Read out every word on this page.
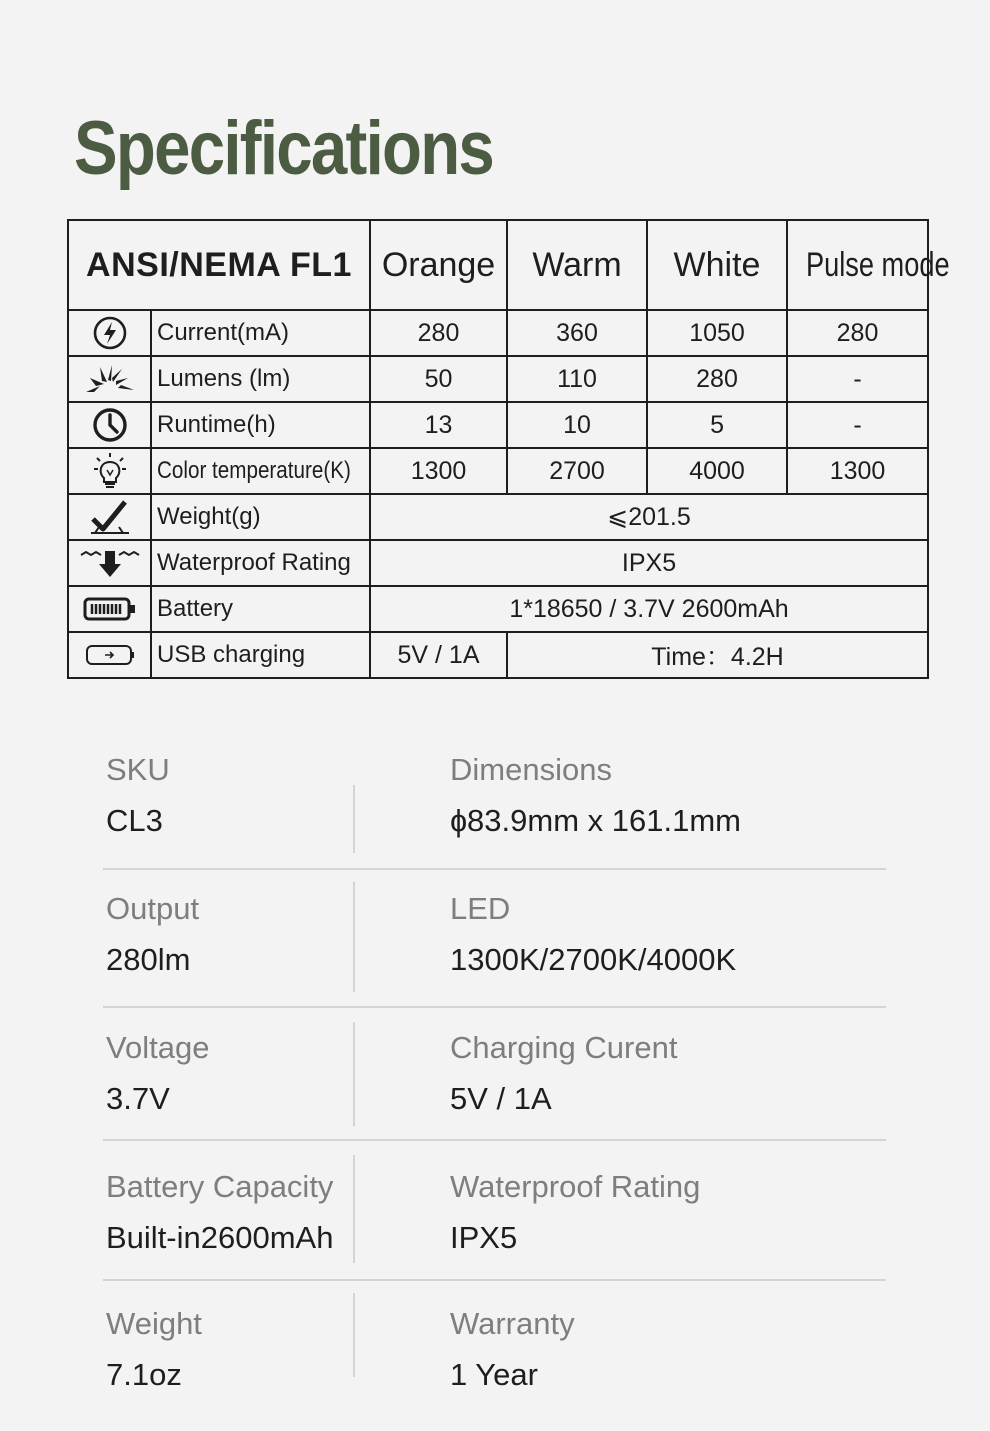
Specifications
ANSI/NEMA FL1		Orange	Warm	White	Pulse mode

	Current(mA)	280	360	1050	280

	Lumens (lm)	50	110	280	-

	Runtime(h)	13	10	5	-

	Color temperature(K)	1300	2700	4000	1300

	Weight(g)	⩽201.5			

	Waterproof Rating	IPX5			

	Battery	1*18650 / 3.7V 2600mAh			

	USB charging	5V / 1A	Time：4.2H		
SKU
CL3
Dimensions
ɸ83.9mm x 161.1mm
Output
280lm
LED
1300K/2700K/4000K
Voltage
3.7V
Charging Curent
5V / 1A
Battery Capacity
Built-in2600mAh
Waterproof Rating
IPX5
Weight
7.1oz
Warranty
1 Year
